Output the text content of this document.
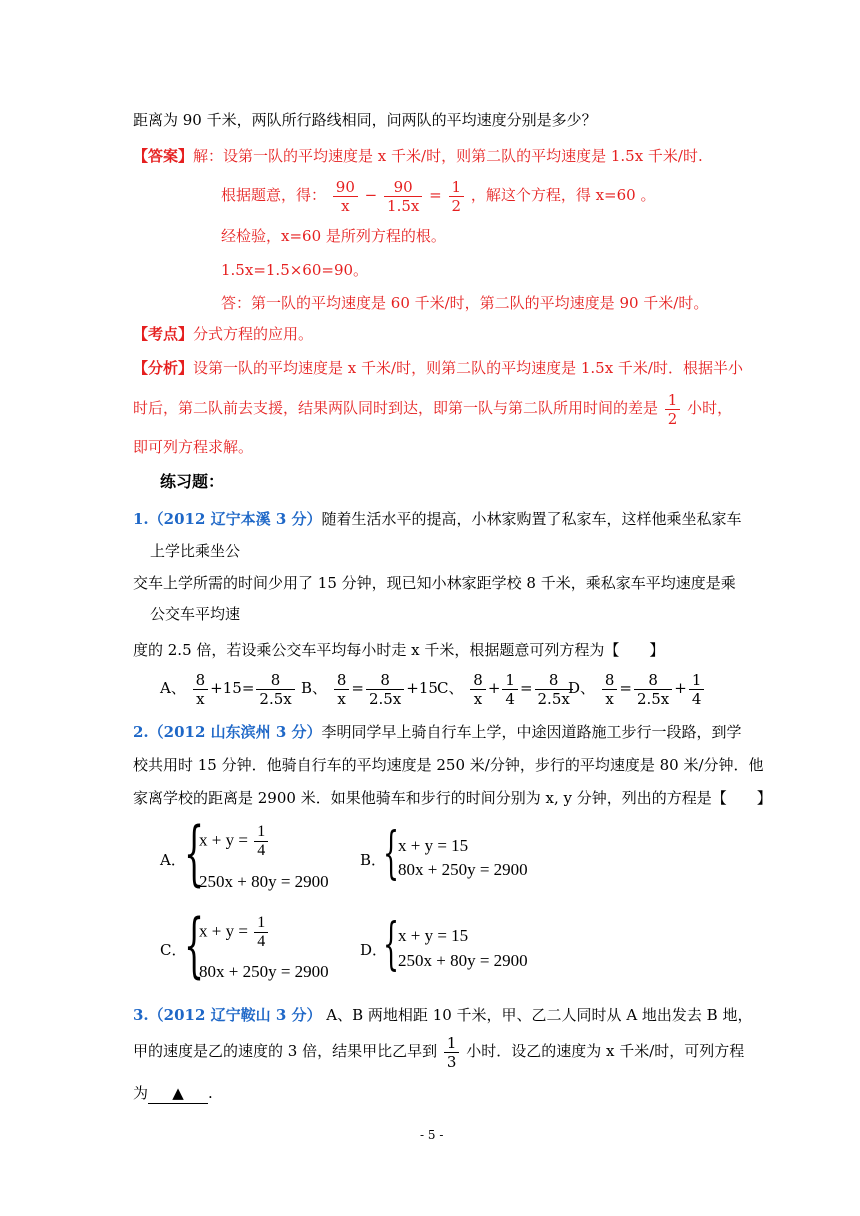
距离为 90 千米，两队所行路线相同，问两队的平均速度分别是多少？
【答案】解：设第一队的平均速度是 x 千米/时，则第二队的平均速度是 1.5x 千米/时.
根据题意，得： $\frac{90}{x} - \frac{90}{1.5x} = \frac{1}{2}$ ，解这个方程，得 x=60 。
经检验，x=60 是所列方程的根。
1.5x=1.5×60=90。
答：第一队的平均速度是 60 千米/时，第二队的平均速度是 90 千米/时。
【考点】分式方程的应用。
【分析】设第一队的平均速度是 x 千米/时，则第二队的平均速度是 1.5x 千米/时．根据半小
时后，第二队前去支援，结果两队同时到达，即第一队与第二队所用时间的差是 $\frac{1}{2}$ 小时，
即可列方程求解。
练习题：
1.（2012 辽宁本溪 3 分）随着生活水平的提高，小林家购置了私家车，这样他乘坐私家车
上学比乘坐公
交车上学所需的时间少用了 15 分钟，现已知小林家距学校 8 千米，乘私家车平均速度是乘
公交车平均速
度的 2.5 倍，若设乘公交车平均每小时走 x 千米，根据题意可列方程为【　　】
A、 $\frac{8}{x} +15= \frac{8}{2.5x}$ B、 $\frac{8}{x} = \frac{8}{2.5x} +15$ C、 $\frac{8}{x} + \frac{1}{4} = \frac{8}{2.5x}$
D、 $\frac{8}{x} = \frac{8}{2.5x} + \frac{1}{4}$
2.（2012 山东滨州 3 分）李明同学早上骑自行车上学，中途因道路施工步行一段路，到学
校共用时 15 分钟．他骑自行车的平均速度是 250 米/分钟，步行的平均速度是 80 米/分钟．他
家离学校的距离是 2900 米．如果他骑车和步行的时间分别为 x, y 分钟，列出的方程是【　　】
A．
{
$x + y = \frac{1}{4}$
250x + 80y = 2900
B．
{
x + y = 15
80x + 250y = 2900
C．
{
$x + y = \frac{1}{4}$
80x + 250y = 2900
D．
{
x + y = 15
250x + 80y = 2900
3.（2012 辽宁鞍山 3 分） A、B 两地相距 10 千米，甲、乙二人同时从 A 地出发去 B 地，
甲的速度是乙的速度的 3 倍，结果甲比乙早到 $\frac{1}{3}$ 小时．设乙的速度为 x 千米/时，可列方程
为 ▲ .
- 5 -
